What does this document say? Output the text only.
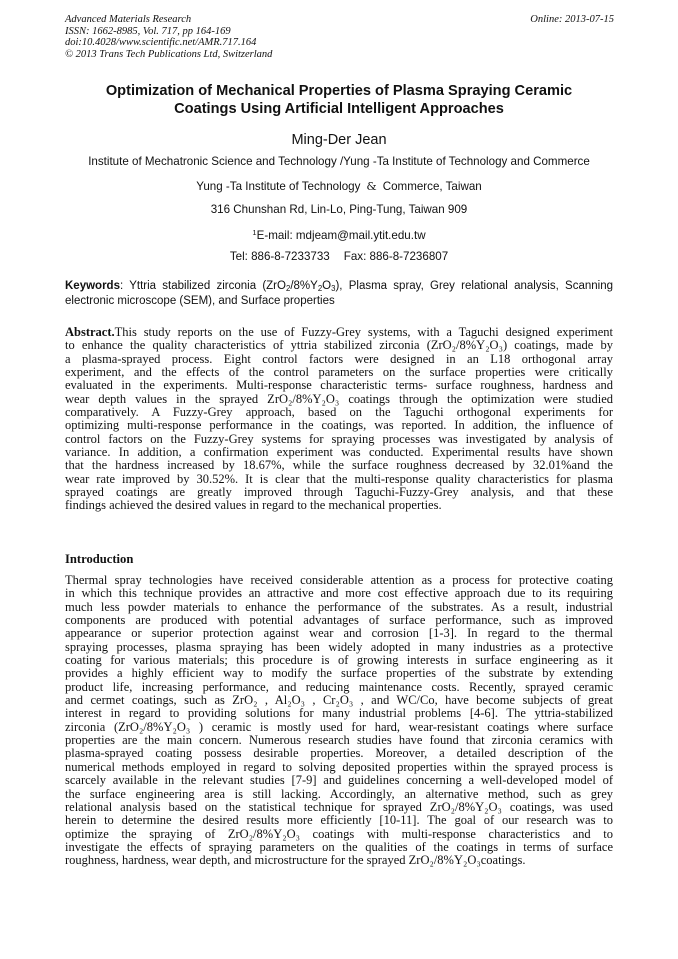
Advanced Materials Research
ISSN: 1662-8985, Vol. 717, pp 164-169
doi:10.4028/www.scientific.net/AMR.717.164
© 2013 Trans Tech Publications Ltd, Switzerland
Online: 2013-07-15
Optimization of Mechanical Properties of Plasma Spraying Ceramic
Coatings Using Artificial Intelligent Approaches
Ming-Der Jean
Institute of Mechatronic Science and Technology /Yung -Ta Institute of Technology and Commerce
Yung -Ta Institute of Technology & Commerce, Taiwan
316 Chunshan Rd, Lin-Lo, Ping-Tung, Taiwan 909
$^1$E-mail: mdjeam@mail.ytit.edu.tw
Tel: 886-8-7233733 Fax: 886-8-7236807
Keywords: Yttria stabilized zirconia $(ZrO_2/8\%Y_2O_3)$, Plasma spray, Grey relational analysis, Scanning electronic microscope (SEM), and Surface properties
Abstract.This study reports on the use of Fuzzy-Grey systems, with a Taguchi designed experiment
to enhance the quality characteristics of yttria stabilized zirconia (ZrO₂/8%Y₂O₃) coatings, made by
a plasma-sprayed process. Eight control factors were designed in an L18 orthogonal array
experiment, and the effects of the control parameters on the surface properties were critically
evaluated in the experiments. Multi-response characteristic terms- surface roughness, hardness and
wear depth values in the sprayed ZrO₂/8%Y₂O₃ coatings through the optimization were studied
comparatively. A Fuzzy-Grey approach, based on the Taguchi orthogonal experiments for
optimizing multi-response performance in the coatings, was reported. In addition, the influence of
control factors on the Fuzzy-Grey systems for spraying processes was investigated by analysis of
variance. In addition, a confirmation experiment was conducted. Experimental results have shown
that the hardness increased by 18.67%, while the surface roughness decreased by 32.01%and the
wear rate improved by 30.52%. It is clear that the multi-response quality characteristics for plasma
sprayed coatings are greatly improved through Taguchi-Fuzzy-Grey analysis, and that these
findings achieved the desired values in regard to the mechanical properties.
Introduction
Thermal spray technologies have received considerable attention as a process for protective coating
in which this technique provides an attractive and more cost effective approach due to its requiring
much less powder materials to enhance the performance of the substrates. As a result, industrial
components are produced with potential advantages of surface performance, such as improved
appearance or superior protection against wear and corrosion [1-3]. In regard to the thermal
spraying processes, plasma spraying has been widely adopted in many industries as a protective
coating for various materials; this procedure is of growing interests in surface engineering as it
provides a highly efficient way to modify the surface properties of the substrate by extending
product life, increasing performance, and reducing maintenance costs. Recently, sprayed ceramic
and cermet coatings, such as ZrO₂ , Al₂O₃ , Cr₂O₃ , and WC/Co, have become subjects of great
interest in regard to providing solutions for many industrial problems [4-6]. The yttria-stabilized
zirconia (ZrO₂/8%Y₂O₃ ) ceramic is mostly used for hard, wear-resistant coatings where surface
properties are the main concern. Numerous research studies have found that zirconia ceramics with
plasma-sprayed coating possess desirable properties. Moreover, a detailed description of the
numerical methods employed in regard to solving deposited properties within the sprayed process is
scarcely available in the relevant studies [7-9] and guidelines concerning a well-developed model of
the surface engineering area is still lacking. Accordingly, an alternative method, such as grey
relational analysis based on the statistical technique for sprayed ZrO₂/8%Y₂O₃ coatings, was used
herein to determine the desired results more efficiently [10-11]. The goal of our research was to
optimize the spraying of ZrO₂/8%Y₂O₃ coatings with multi-response characteristics and to
investigate the effects of spraying parameters on the qualities of the coatings in terms of surface
roughness, hardness, wear depth, and microstructure for the sprayed ZrO₂/8%Y₂O₃coatings.
